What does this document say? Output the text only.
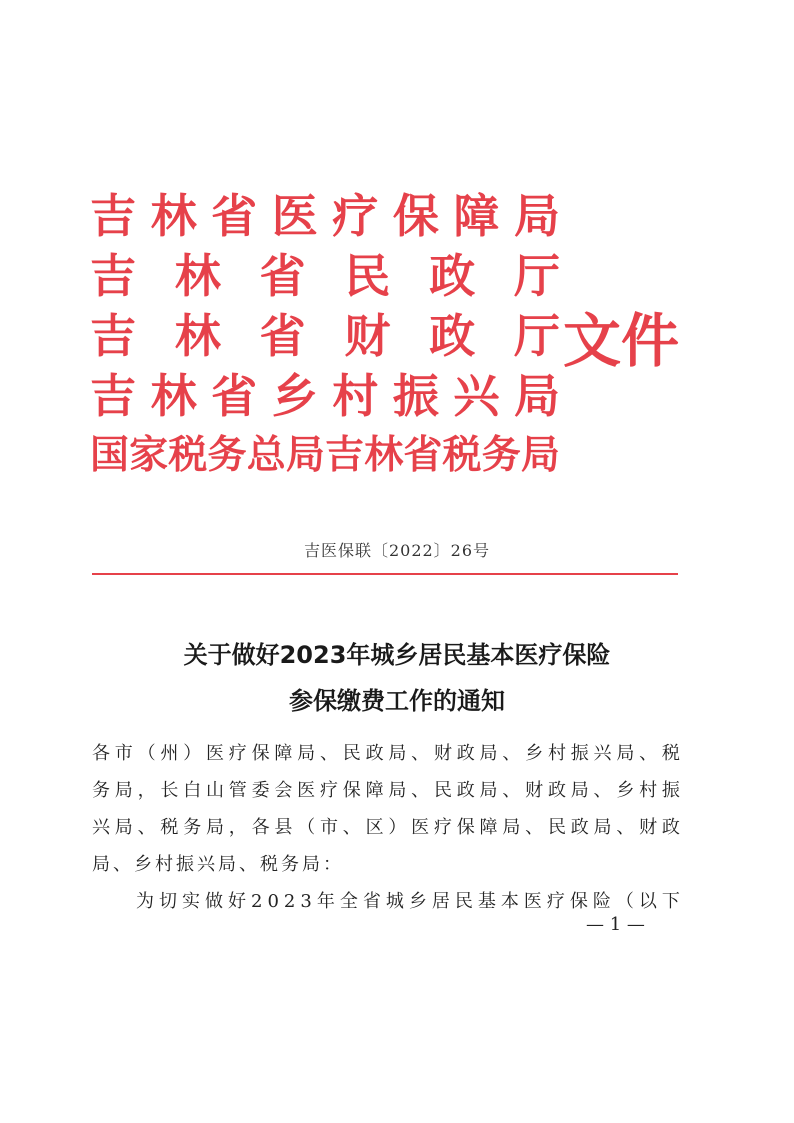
吉 林 省 医 疗 保 障 局
吉 林 省 民 政 厅
吉 林 省 财 政 厅
吉 林 省 乡 村 振 兴 局
国 家 税 务 总 局 吉 林 省 税 务 局
文件
吉医保联〔2022〕26号
关于做好2023年城乡居民基本医疗保险
参保缴费工作的通知
各 市 （ 州 ） 医 疗 保 障 局 、 民 政 局 、 财 政 局 、 乡 村 振 兴 局 、 税
务 局 ， 长 白 山 管 委 会 医 疗 保 障 局 、 民 政 局 、 财 政 局 、 乡 村 振
兴 局 、 税 务 局 ， 各 县 （ 市 、 区 ） 医 疗 保 障 局 、 民 政 局 、 财 政
局、乡村振兴局、税务局：
为 切 实 做 好 2 0 2 3 年 全 省 城 乡 居 民 基 本 医 疗 保 险 （ 以 下
— 1 —
